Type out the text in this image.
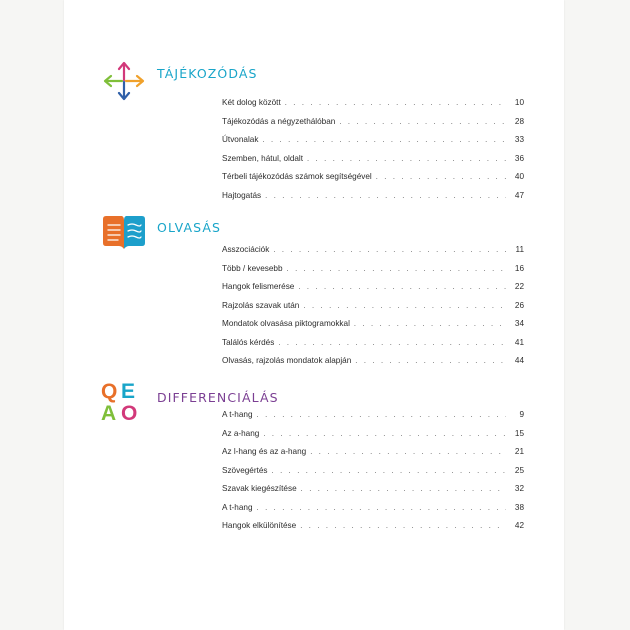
TÁJÉKOZÓDÁS
Két dolog között . . .	10
Tájékozódás a négyzethálóban . . .	28
Útvonalak . . .	33
Szemben, hátul, oldalt . . .	36
Térbeli tájékozódás számok segítségével . . .	40
Hajtogatás . . .	47
OLVASÁS
Asszociációk . . .	11
Több / kevesebb . . .	16
Hangok felismerése . . .	22
Rajzolás szavak után . . .	26
Mondatok olvasása piktogramokkal . . .	34
Találós kérdés . . .	41
Olvasás, rajzolás mondatok alapján . . .	44
Q E
A O
DIFFERENCIÁLÁS
A t-hang . . .	9
Az a-hang . . .	15
Az l-hang és az a-hang . . .	21
Szövegértés . . .	25
Szavak kiegészítése . . .	32
A t-hang . . .	38
Hangok elkülönítése . . .	42
